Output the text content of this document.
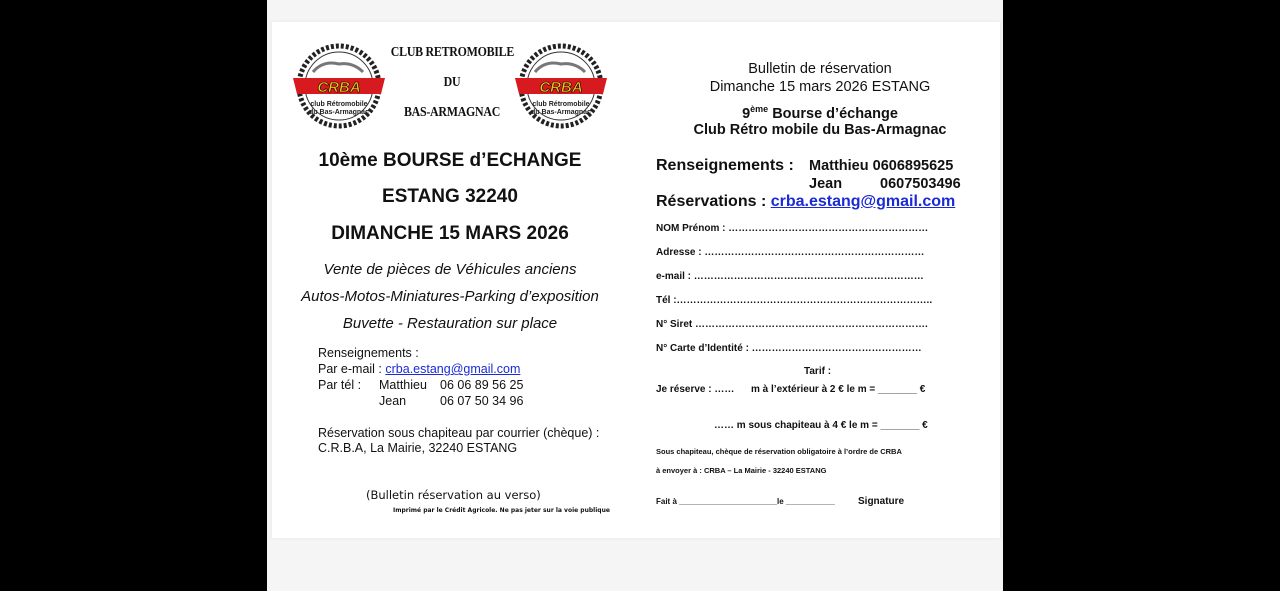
CRBA
club Rétromobile
du Bas-Armagnac
CRBA
club Rétromobile
du Bas-Armagnac
CLUB RETROMOBILE
DU
BAS-ARMAGNAC
10ème BOURSE d’ECHANGE
ESTANG 32240
DIMANCHE 15 MARS 2026
Vente de pièces de Véhicules anciens
Autos-Motos-Miniatures-Parking d’exposition
Buvette - Restauration sur place
Renseignements :
Par e-mail : crba.estang@gmail.com
Par tél : Matthieu 06 06 89 56 25
Jean	06 07 50 34 96
Réservation sous chapiteau par courrier (chèque) :
C.R.B.A, La Mairie, 32240 ESTANG
(Bulletin réservation au verso)
Imprimé par le Crédit Agricole. Ne pas jeter sur la voie publique
Bulletin de réservation
Dimanche 15 mars 2026 ESTANG
9ème Bourse d’échange
Club Rétro mobile du Bas-Armagnac
Renseignements : Matthieu 0606895625
Jean	0607503496
Réservations : crba.estang@gmail.com
NOM Prénom : ……………………………………………………
Adresse : …………………………………………………………
e-mail : ……………………………………………………………
Tél :…………………………………………………………………..
N° Siret …………………………………………………………….
N° Carte d’Identité : ……………………………………………
Tarif :
Je réserve : …… m à l’extérieur à 2 € le m = _______ €
…… m sous chapiteau à 4 € le m = _______ €
Sous chapiteau, chèque de réservation obligatoire à l’ordre de CRBA
à envoyer à : CRBA – La Mairie - 32240 ESTANG
Fait à ______________________le ___________ Signature
